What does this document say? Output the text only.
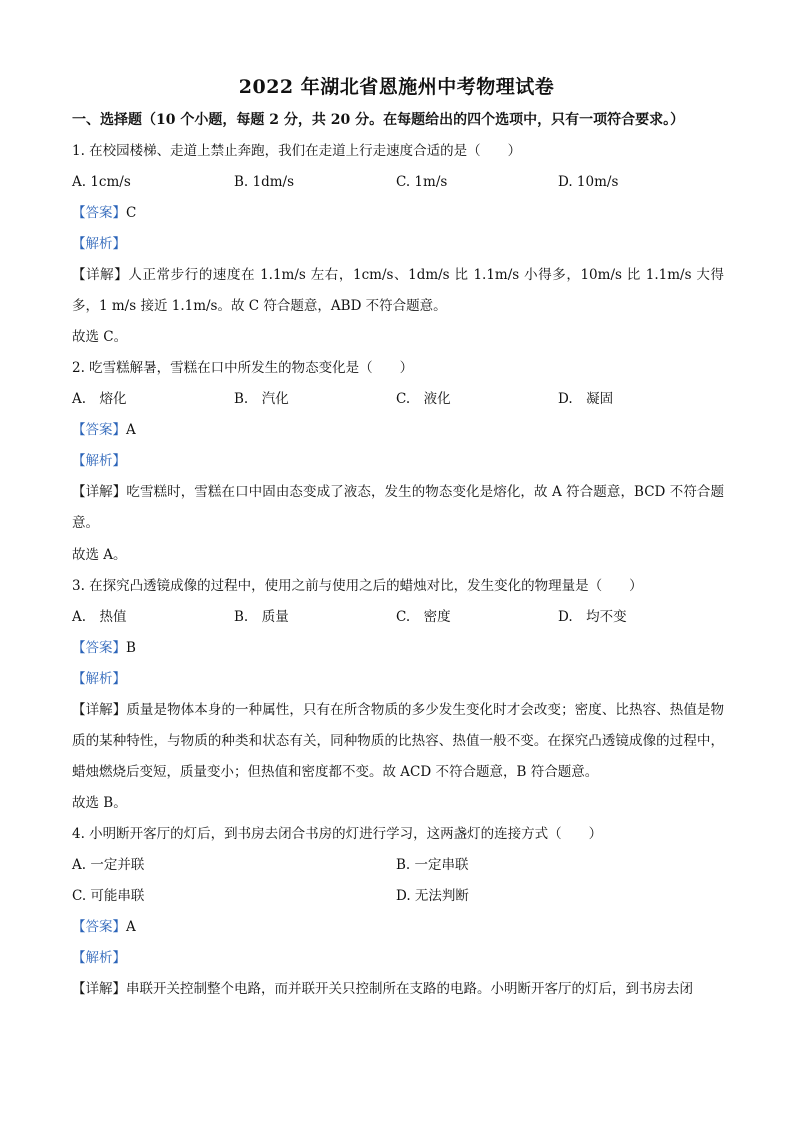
2022 年湖北省恩施州中考物理试卷
一、选择题（10 个小题，每题 2 分，共 20 分。在每题给出的四个选项中，只有一项符合要求。）
1. 在校园楼梯、走道上禁止奔跑，我们在走道上行走速度合适的是（　　）
A. 1cm/s	B. 1dm/s	C. 1m/s	D. 10m/s
【答案】C
【解析】
【详解】人正常步行的速度在 1.1m/s 左右，1cm/s、1dm/s 比 1.1m/s 小得多，10m/s 比 1.1m/s 大得多，1 m/s 接近 1.1m/s。故 C 符合题意，ABD 不符合题意。
故选 C。
2. 吃雪糕解暑，雪糕在口中所发生的物态变化是（　　）
A.　熔化	B.　汽化	C.　液化	D.　凝固
【答案】A
【解析】
【详解】吃雪糕时，雪糕在口中固由态变成了液态，发生的物态变化是熔化，故 A 符合题意，BCD 不符合题意。
故选 A。
3. 在探究凸透镜成像的过程中，使用之前与使用之后的蜡烛对比，发生变化的物理量是（　　）
A.　热值	B.　质量	C.　密度	D.　均不变
【答案】B
【解析】
【详解】质量是物体本身的一种属性，只有在所含物质的多少发生变化时才会改变；密度、比热容、热值是物质的某种特性，与物质的种类和状态有关，同种物质的比热容、热值一般不变。在探究凸透镜成像的过程中，蜡烛燃烧后变短，质量变小；但热值和密度都不变。故 ACD 不符合题意，B 符合题意。
故选 B。
4. 小明断开客厅的灯后，到书房去闭合书房的灯进行学习，这两盏灯的连接方式（　　）
A. 一定并联	B. 一定串联
C. 可能串联	D. 无法判断
【答案】A
【解析】
【详解】串联开关控制整个电路，而并联开关只控制所在支路的电路。小明断开客厅的灯后，到书房去闭
